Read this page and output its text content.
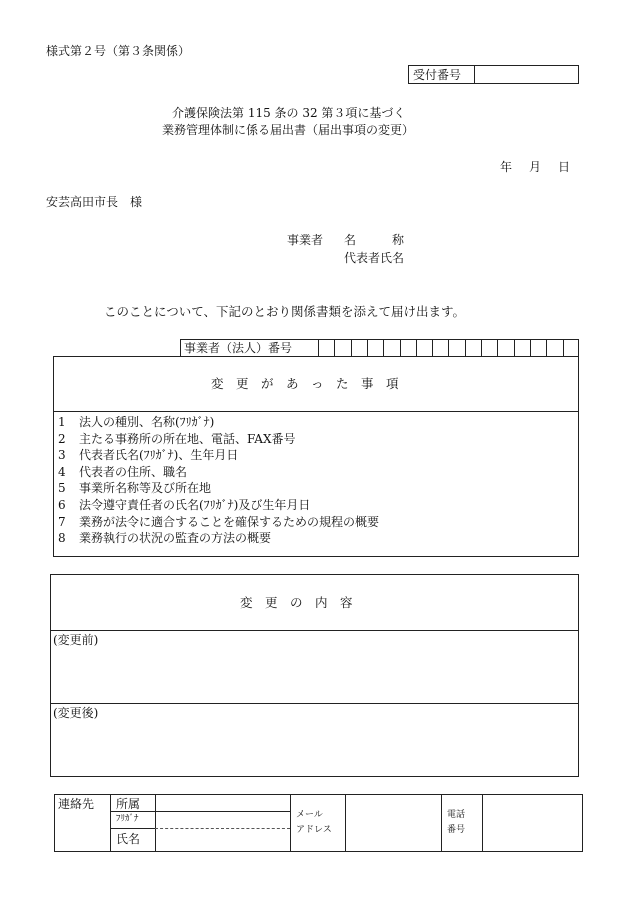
様式第２号（第３条関係）
受付番号
介護保険法第 115 条の 32 第３項に基づく
業務管理体制に係る届出書（届出事項の変更）
年 月 日
安芸高田市長　様
事業者 名　　　称
代表者氏名
このことについて、下記のとおり関係書類を添えて届け出ます。
事業者（法人）番号
変　更　が　あ　っ　た　事　項
1 法人の種別、名称(ﾌﾘｶﾞﾅ)
2 主たる事務所の所在地、電話、FAX番号
3 代表者氏名(ﾌﾘｶﾞﾅ)、生年月日
4 代表者の住所、職名
5 事業所名称等及び所在地
6 法令遵守責任者の氏名(ﾌﾘｶﾞﾅ)及び生年月日
7 業務が法令に適合することを確保するための規程の概要
8 業務執行の状況の監査の方法の概要
変　更　の　内　容
(変更前)
(変更後)
連絡先 所属
ﾌﾘｶﾞﾅ
氏名
メール
アドレス
電話
番号
